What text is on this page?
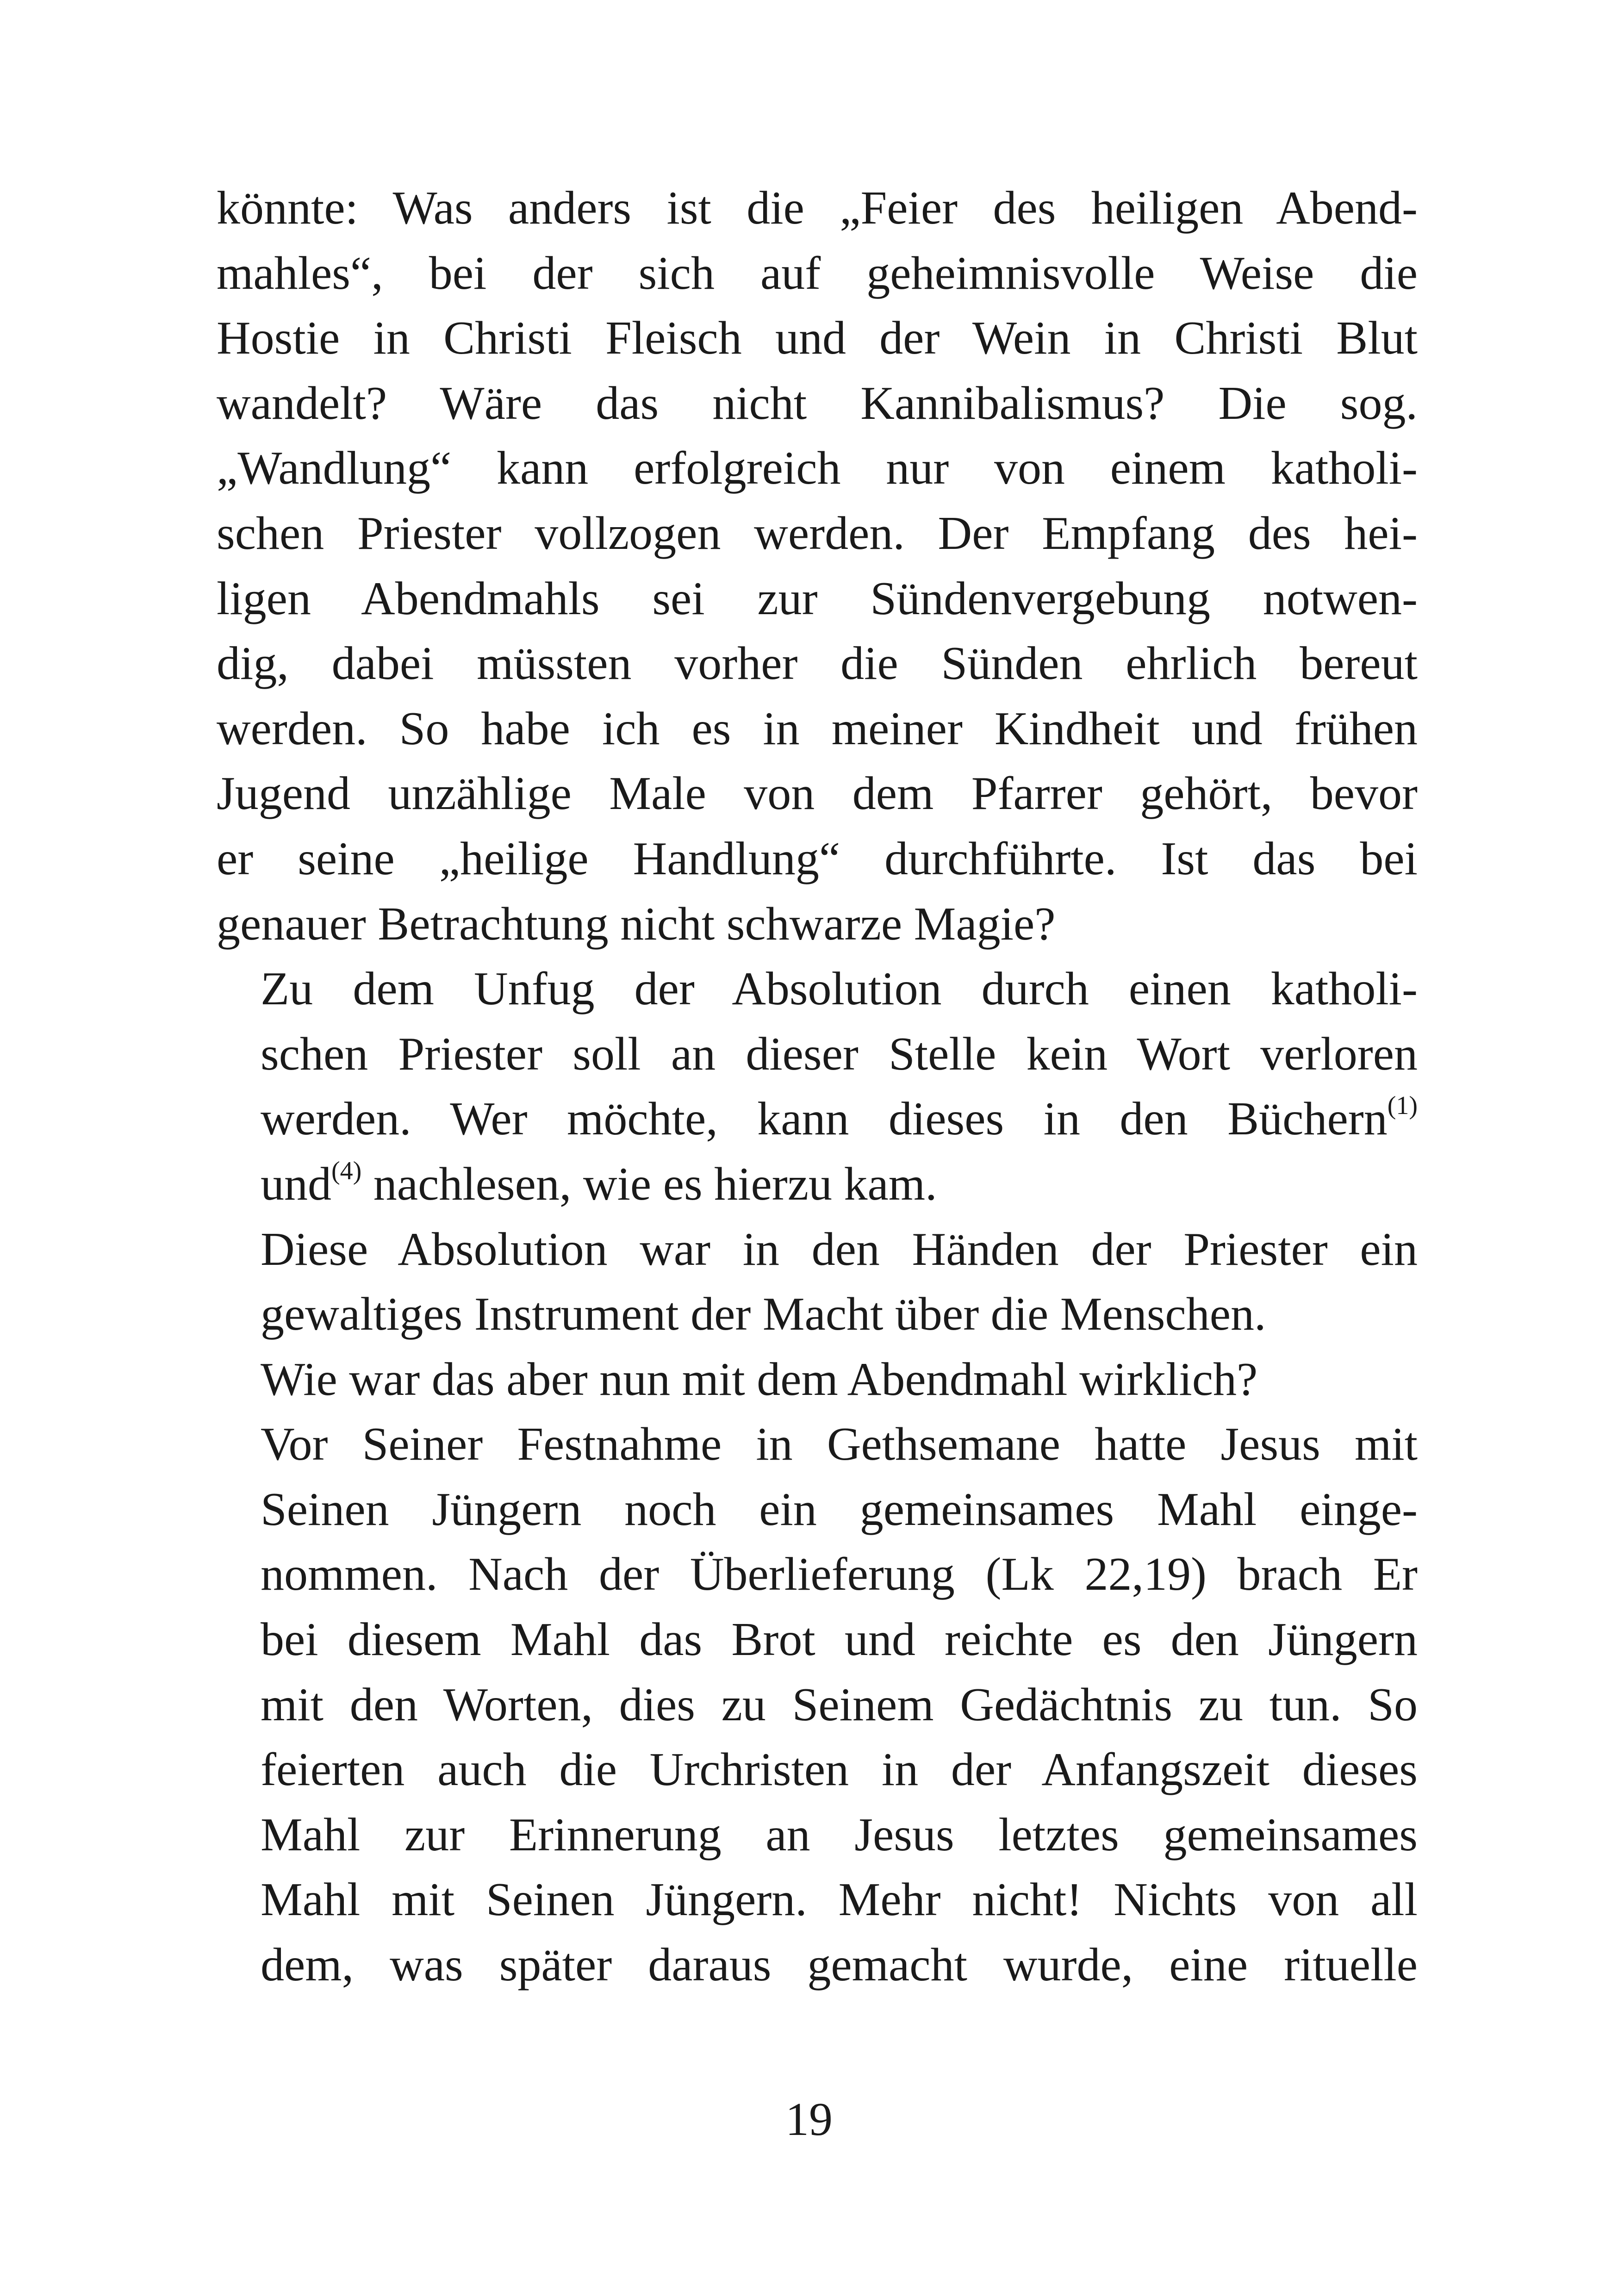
könnte: Was anders ist die „Feier des heiligen Abend-
mahles“, bei der sich auf geheimnisvolle Weise die
Hostie in Christi Fleisch und der Wein in Christi Blut
wandelt? Wäre das nicht Kannibalismus? Die sog.
„Wandlung“ kann erfolgreich nur von einem katholi-
schen Priester vollzogen werden. Der Empfang des hei-
ligen Abendmahls sei zur Sündenvergebung notwen-
dig, dabei müssten vorher die Sünden ehrlich bereut
werden. So habe ich es in meiner Kindheit und frühen
Jugend unzählige Male von dem Pfarrer gehört, bevor
er seine „heilige Handlung“ durchführte. Ist das bei
genauer Betrachtung nicht schwarze Magie?

Zu dem Unfug der Absolution durch einen katholi-
schen Priester soll an dieser Stelle kein Wort verloren
werden. Wer möchte, kann dieses in den Büchern$^{(1)}$
und$^{(4)}$ nachlesen, wie es hierzu kam.

Diese Absolution war in den Händen der Priester ein
gewaltiges Instrument der Macht über die Menschen.

Wie war das aber nun mit dem Abendmahl wirklich?

Vor Seiner Festnahme in Gethsemane hatte Jesus mit
Seinen Jüngern noch ein gemeinsames Mahl einge-
nommen. Nach der Überlieferung (Lk 22,19) brach Er
bei diesem Mahl das Brot und reichte es den Jüngern
mit den Worten, dies zu Seinem Gedächtnis zu tun. So
feierten auch die Urchristen in der Anfangszeit dieses
Mahl zur Erinnerung an Jesus letztes gemeinsames
Mahl mit Seinen Jüngern. Mehr nicht! Nichts von all
dem, was später daraus gemacht wurde, eine rituelle

19
